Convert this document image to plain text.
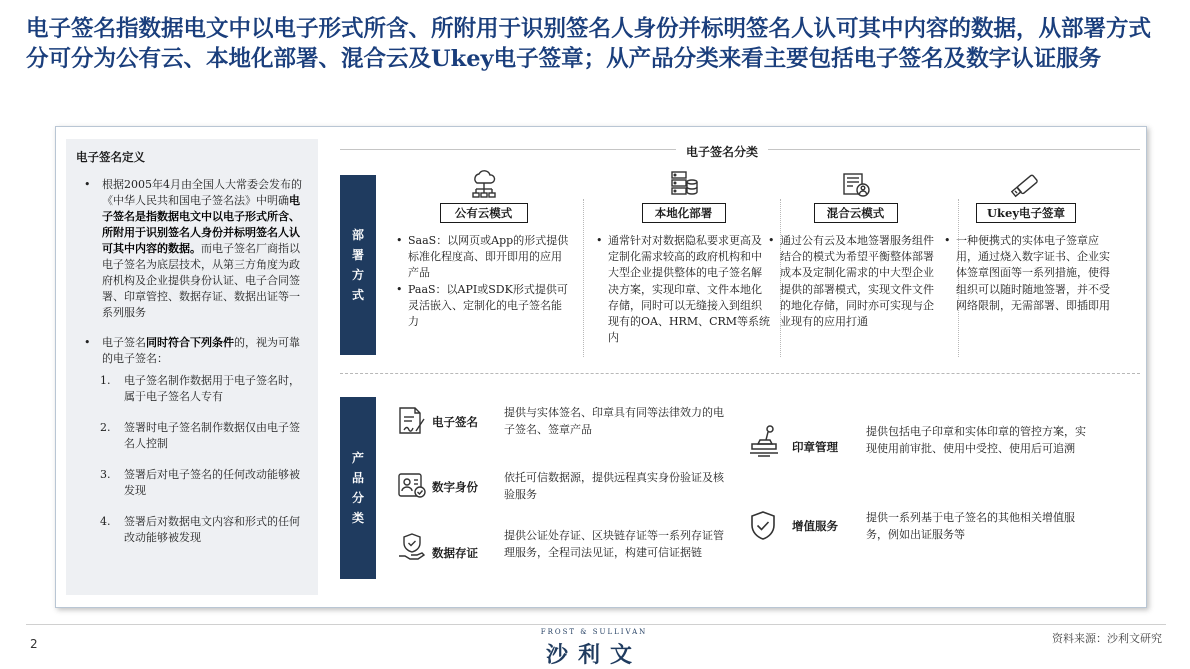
电子签名指数据电文中以电子形式所含、所附用于识别签名人身份并标明签名人认可其中内容的数据，从部署方式分可分为公有云、本地化部署、混合云及Ukey电子签章；从产品分类来看主要包括电子签名及数字认证服务
电子签名定义
• 根据2005年4月由全国人大常委会发布的《中华人民共和国电子签名法》中明确电子签名是指数据电文中以电子形式所含、所附用于识别签名人身份并标明签名人认可其中内容的数据。而电子签名厂商指以电子签名为底层技术，从第三方角度为政府机构及企业提供身份认证、电子合同签署、印章管控、数据存证、数据出证等一系列服务
• 电子签名同时符合下列条件的，视为可靠的电子签名：
1. 电子签名制作数据用于电子签名时，属于电子签名人专有
2. 签署时电子签名制作数据仅由电子签名人控制
3. 签署后对电子签名的任何改动能够被发现
4. 签署后对数据电文内容和形式的任何改动能够被发现
电子签名分类
部署方式
公有云模式
• SaaS：以网页或App的形式提供标准化程度高、即开即用的应用产品
• PaaS：以API或SDK形式提供可灵活嵌入、定制化的电子签名能力
本地化部署
• 通常针对对数据隐私要求更高及定制化需求较高的政府机构和中大型企业提供整体的电子签名解决方案，实现印章、文件本地化存储，同时可以无缝接入到组织现有的OA、HRM、CRM等系统内
混合云模式
• 通过公有云及本地签署服务组件结合的模式为希望平衡整体部署成本及定制化需求的中大型企业提供的部署模式，实现文件文件的地化存储，同时亦可实现与企业现有的应用打通
Ukey电子签章
• 一种便携式的实体电子签章应用，通过烧入数字证书、企业实体签章图面等一系列措施，使得组织可以随时随地签署，并不受网络限制，无需部署、即插即用
产品分类
电子签名
提供与实体签名、印章具有同等法律效力的电子签名、签章产品
数字身份
依托可信数据源，提供远程真实身份验证及核验服务
数据存证
提供公证处存证、区块链存证等一系列存证管理服务，全程司法见证，构建可信证据链
印章管理
提供包括电子印章和实体印章的管控方案，实现使用前审批、使用中受控、使用后可追溯
增值服务
提供一系列基于电子签名的其他相关增值服务，例如出证服务等
2
FROST & SULLIVAN
沙利文
资料来源：沙利文研究
